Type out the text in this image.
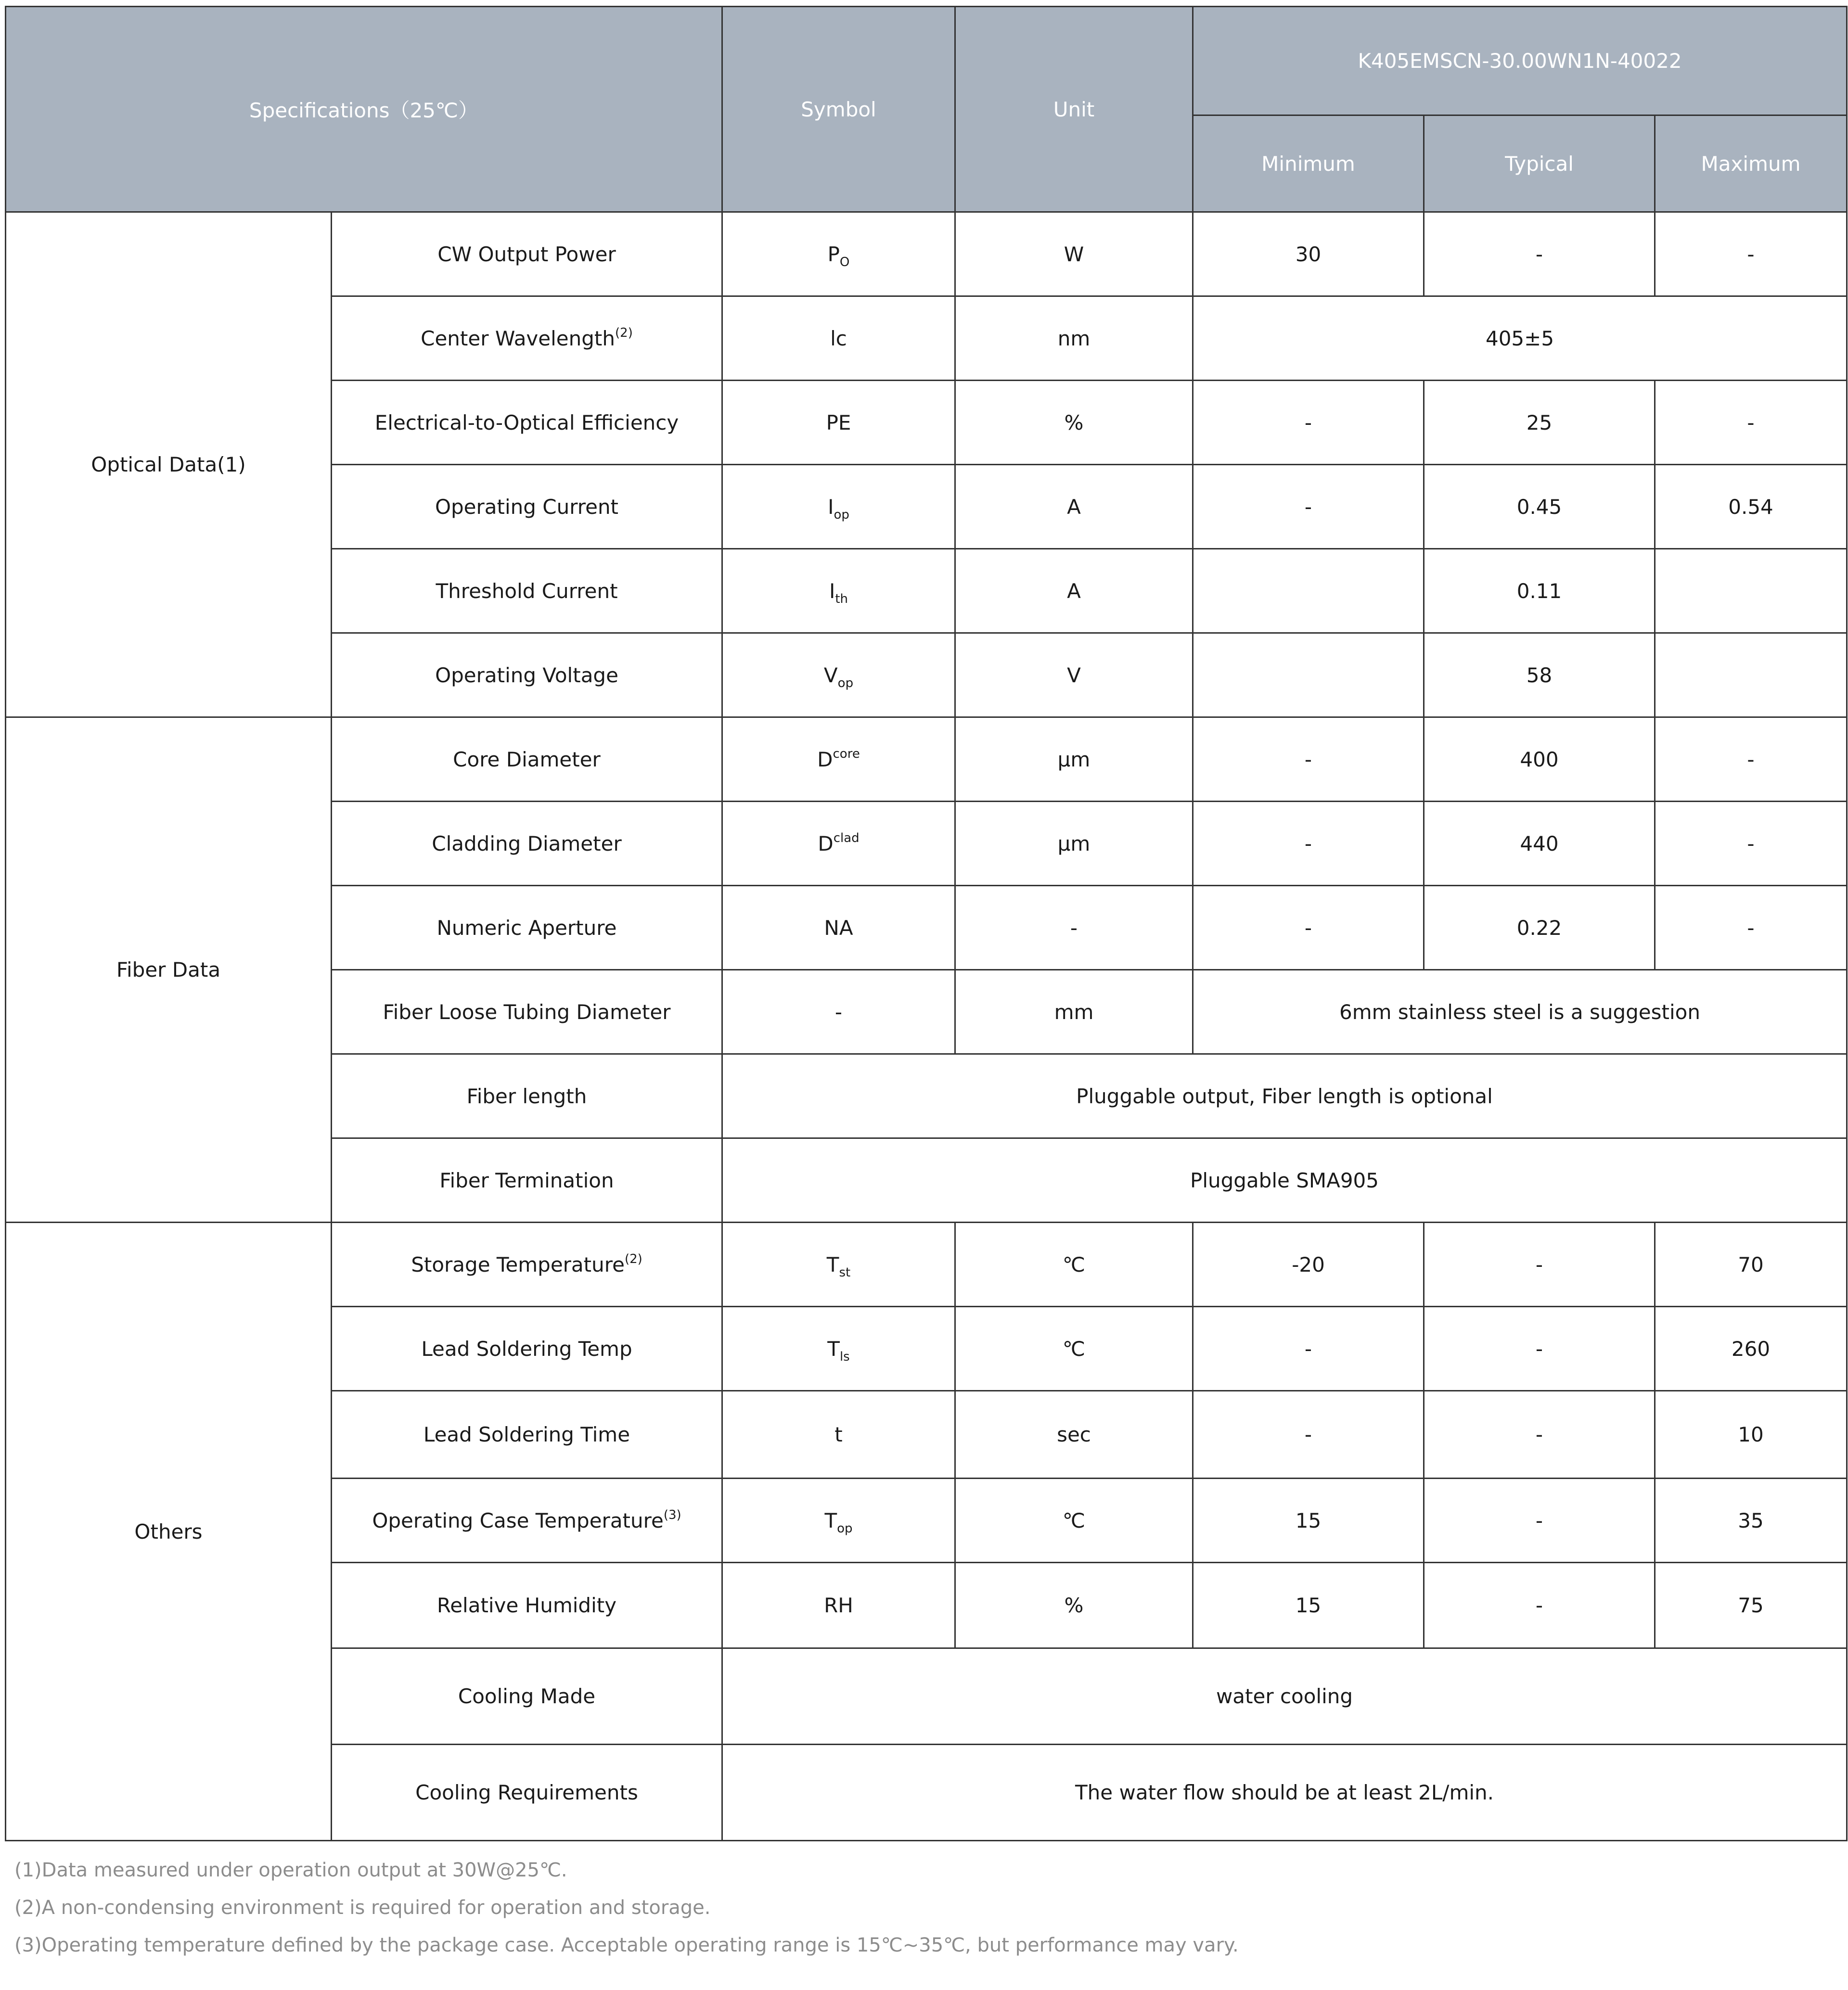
Specifications（25℃）		Symbol	Unit	K405EMSCN-30.00WN1N-40022		
				Minimum	Typical	Maximum
Optical Data(1)	CW Output Power	$P_O$	W	30	-	-
	Center Wavelength$^{(2)}$	lc	nm	405±5		
	Electrical-to-Optical Efficiency	PE	%	-	25	-
	Operating Current	$I_{op}$	A	-	0.45	0.54
	Threshold Current	$I_{th}$	A		0.11	
	Operating Voltage	$V_{op}$	V		58	
Fiber Data	Core Diameter	$D^{core}$	μm	-	400	-
	Cladding Diameter	$D^{clad}$	μm	-	440	-
	Numeric Aperture	NA	-	-	0.22	-
	Fiber Loose Tubing Diameter	-	mm	6mm stainless steel is a suggestion		
	Fiber length	Pluggable output, Fiber length is optional				
	Fiber Termination	Pluggable SMA905				
Others	Storage Temperature$^{(2)}$	$T_{st}$	℃	-20	-	70
	Lead Soldering Temp	$T_{ls}$	℃	-	-	260
	Lead Soldering Time	t	sec	-	-	10
	Operating Case Temperature$^{(3)}$	$T_{op}$	℃	15	-	35
	Relative Humidity	RH	%	15	-	75
	Cooling Made	water cooling				
	Cooling Requirements	The water flow should be at least 2L/min.				
(1)Data measured under operation output at 30W@25℃.
(2)A non-condensing environment is required for operation and storage.
(3)Operating temperature defined by the package case. Acceptable operating range is 15℃~35℃, but performance may vary.
